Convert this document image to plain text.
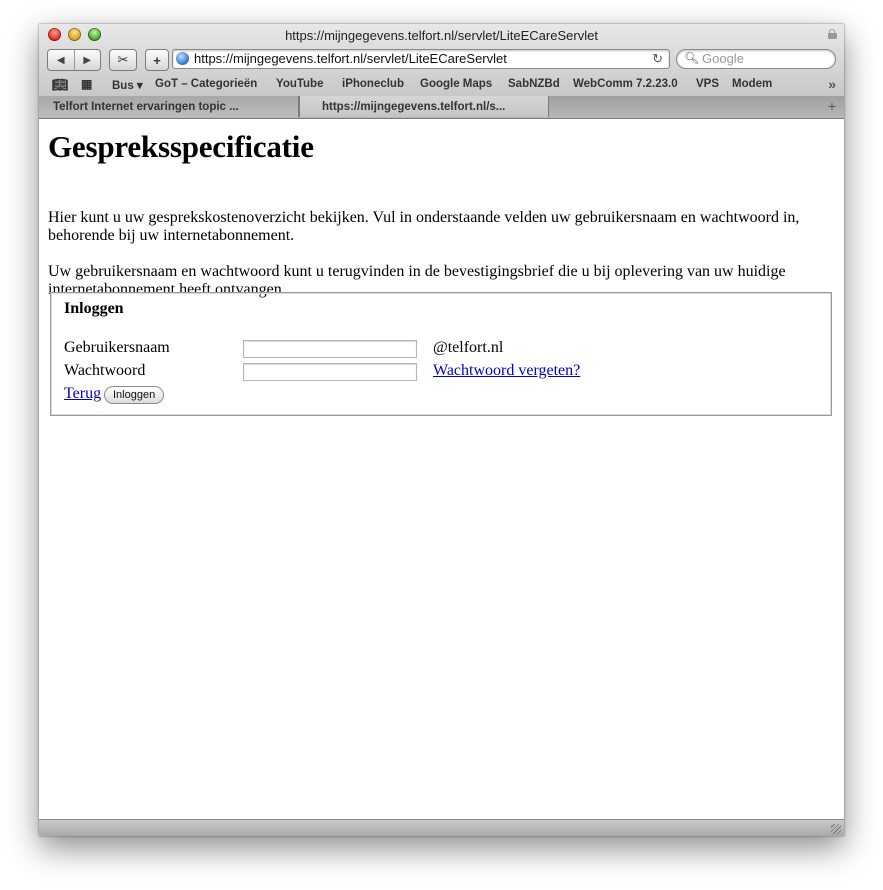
https://mijngegevens.telfort.nl/servlet/LiteECareServlet
◀	▶	✂	+	https://mijngegevens.telfort.nl/servlet/LiteECareServlet	↻ 🔍︎
Google
📖︎ ▦ Bus ▾ GoT – Categorieën YouTube iPhoneclub Google Maps SabNZBd WebComm 7.2.23.0 VPS Modem	»
Telfort Internet ervaringen topic ...	https://mijngegevens.telfort.nl/s...	+
Gespreksspecificatie

Hier kunt u uw gesprekskostenoverzicht bekijken. Vul in onderstaande velden uw gebruikersnaam en wachtwoord in, behorende bij uw internetabonnement.

Uw gebruikersnaam en wachtwoord kunt u terugvinden in de bevestigingsbrief die u bij oplevering van uw huidige internetabonnement heeft ontvangen.

Inloggen
Gebruikersnaam	@telfort.nl
Wachtwoord	Wachtwoord vergeten?
Terug	Inloggen
